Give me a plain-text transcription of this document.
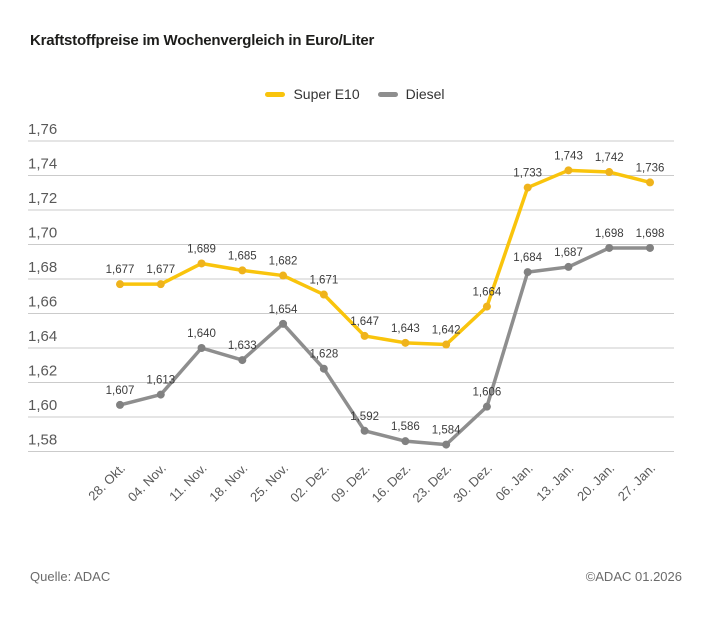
Kraftstoffpreise im Wochenvergleich in Euro/Liter
Super E10	Diesel
1,58
1,60
1,62
1,64
1,66
1,68
1,70
1,72
1,74
1,76
28. Okt.
04. Nov.
11. Nov.
18. Nov.
25. Nov.
02. Dez.
09. Dez.
16. Dez.
23. Dez.
30. Dez.
06. Jan.
13. Jan.
20. Jan.
27. Jan.
1,677 1,677
1,689
1,685 1,682
1,671
1,647
1,643 1,642
1,664
1,733
1,743 1,742
1,736
1,607
1,613
1,640
1,633
1,654
1,628
1,592
1,586 1,584
1,606
1,684 1,687
1,698 1,698
Quelle: ADAC	©ADAC 01.2026
